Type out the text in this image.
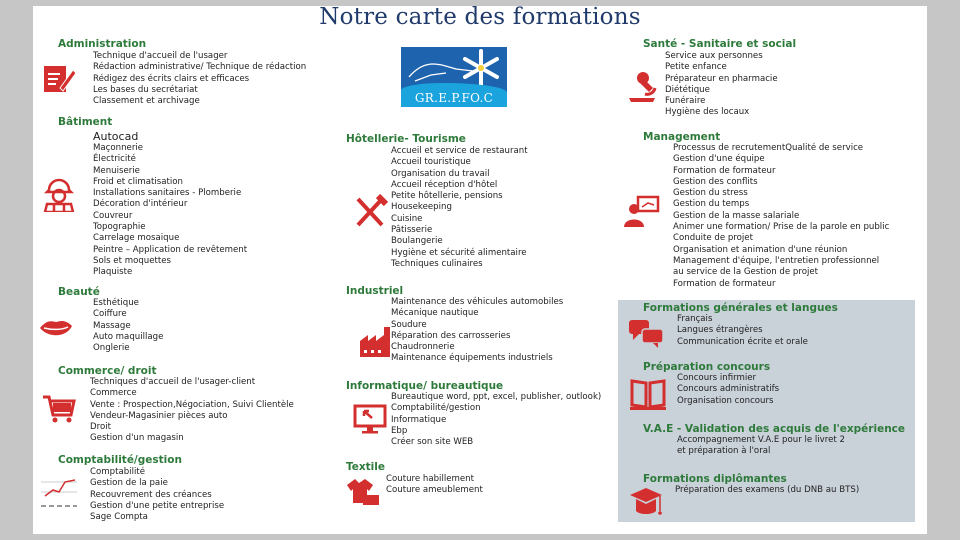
Notre carte des formations
GR.E.P.FO.C
Administration
Technique d'accueil de l'usager
Rédaction administrative/ Technique de rédaction
Rédigez des écrits clairs et efficaces
Les bases du secrétariat
Classement et archivage
Bâtiment
Autocad
Maçonnerie
Électricité
Menuiserie
Froid et climatisation
Installations sanitaires - Plomberie
Décoration d'intérieur
Couvreur
Topographie
Carrelage mosaique
Peintre – Application de revêtement
Sols et moquettes
Plaquiste
Beauté
Esthétique
Coiffure
Massage
Auto maquillage
Onglerie
Commerce/ droit
Techniques d'accueil de l'usager-client
Commerce
Vente : Prospection,Négociation, Suivi Clientèle
Vendeur-Magasinier pièces auto
Droit
Gestion d'un magasin
Comptabilité/gestion
Comptabilité
Gestion de la paie
Recouvrement des créances
Gestion d'une petite entreprise
Sage Compta
Hôtellerie- Tourisme
Accueil et service de restaurant
Accueil touristique
Organisation du travail
Accueil réception d'hôtel
Petite hôtellerie, pensions
Housekeeping
Cuisine
Pâtisserie
Boulangerie
Hygiène et sécurité alimentaire
Techniques culinaires
Industriel
Maintenance des véhicules automobiles
Mécanique nautique
Soudure
Réparation des carrosseries
Chaudronnerie
Maintenance équipements industriels
Informatique/ bureautique
Bureautique word, ppt, excel, publisher, outlook)
Comptabilité/gestion
Informatique
Ebp
Créer son site WEB
Textile
Couture habillement
Couture ameublement
Santé - Sanitaire et social
Service aux personnes
Petite enfance
Préparateur en pharmacie
Diététique
Funéraire
Hygiène des locaux
Management
Processus de recrutementQualité de service
Gestion d'une équipe
Formation de formateur
Gestion des conflits
Gestion du stress
Gestion du temps
Gestion de la masse salariale
Animer une formation/ Prise de la parole en public
Conduite de projet
Organisation et animation d'une réunion
Management d'équipe, l'entretien professionnel
au service de la Gestion de projet
Formation de formateur
Formations générales et langues
Français
Langues étrangères
Communication écrite et orale
Préparation concours
Concours infirmier
Concours administratifs
Organisation concours
V.A.E - Validation des acquis de l'expérience
Accompagnement V.A.E pour le livret 2
et préparation à l'oral
Formations diplômantes
Préparation des examens (du DNB au BTS)
